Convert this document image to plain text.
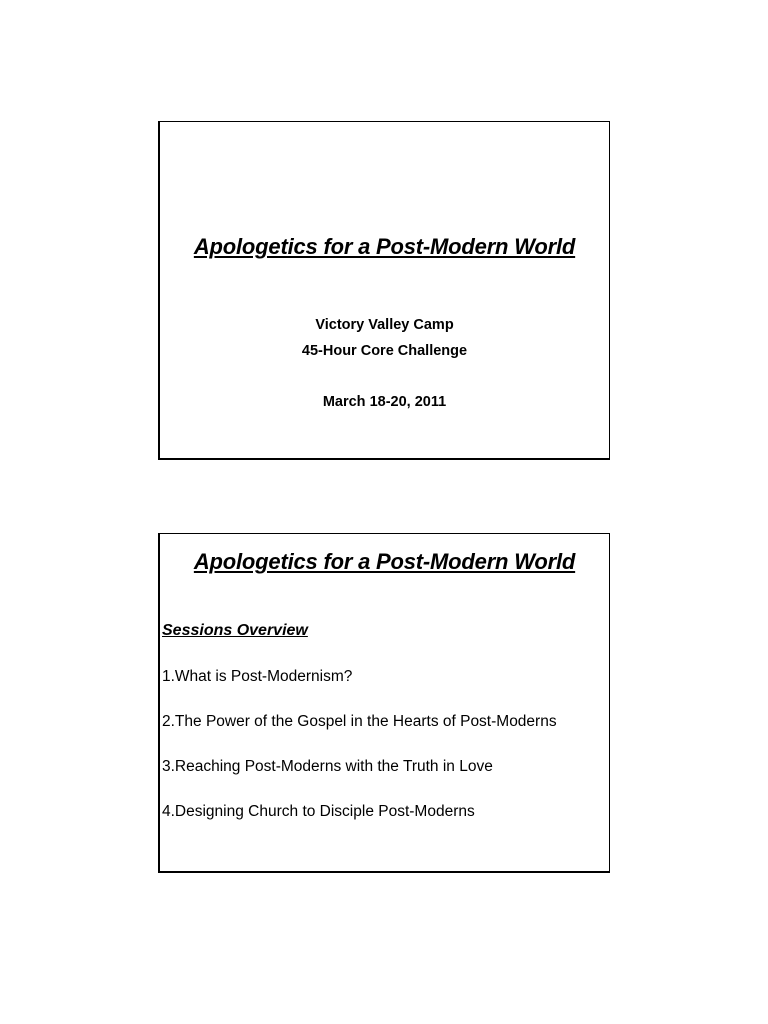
Apologetics for a Post-Modern World
Victory Valley Camp
45-Hour Core Challenge
March 18-20, 2011
Apologetics for a Post-Modern World
Sessions Overview
1.What is Post-Modernism?
2.The Power of the Gospel in the Hearts of Post-Moderns
3.Reaching Post-Moderns with the Truth in Love
4.Designing Church to Disciple Post-Moderns
